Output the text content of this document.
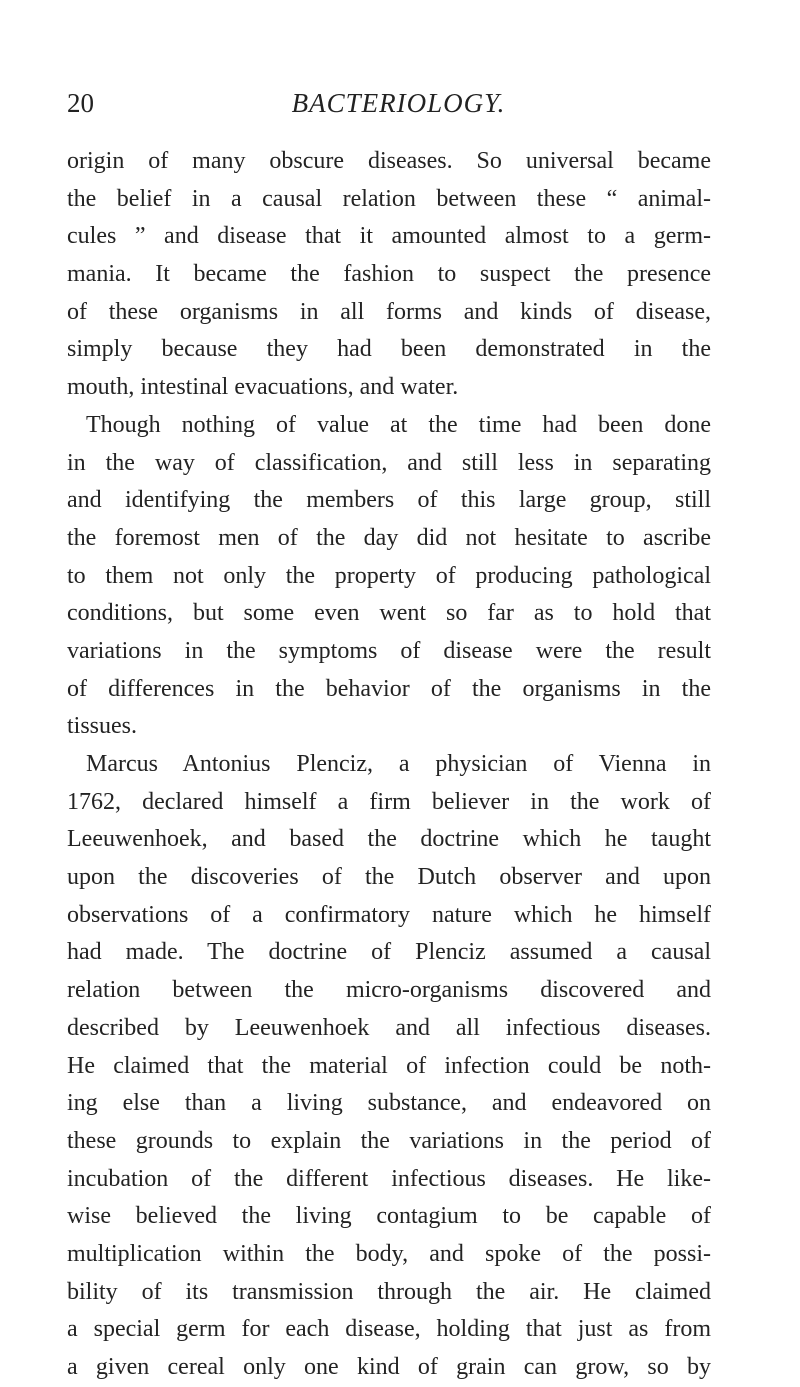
20	BACTERIOLOGY.
origin of many obscure diseases. So universal became
the belief in a causal relation between these “ animal-
cules ” and disease that it amounted almost to a germ-
mania. It became the fashion to suspect the presence
of these organisms in all forms and kinds of disease,
simply because they had been demonstrated in the
mouth, intestinal evacuations, and water.
Though nothing of value at the time had been done
in the way of classification, and still less in separating
and identifying the members of this large group, still
the foremost men of the day did not hesitate to ascribe
to them not only the property of producing pathological
conditions, but some even went so far as to hold that
variations in the symptoms of disease were the result
of differences in the behavior of the organisms in the
tissues.
Marcus Antonius Plenciz, a physician of Vienna in
1762, declared himself a firm believer in the work of
Leeuwenhoek, and based the doctrine which he taught
upon the discoveries of the Dutch observer and upon
observations of a confirmatory nature which he himself
had made. The doctrine of Plenciz assumed a causal
relation between the micro-organisms discovered and
described by Leeuwenhoek and all infectious diseases.
He claimed that the material of infection could be noth-
ing else than a living substance, and endeavored on
these grounds to explain the variations in the period of
incubation of the different infectious diseases. He like-
wise believed the living contagium to be capable of
multiplication within the body, and spoke of the possi-
bility of its transmission through the air. He claimed
a special germ for each disease, holding that just as from
a given cereal only one kind of grain can grow, so by
